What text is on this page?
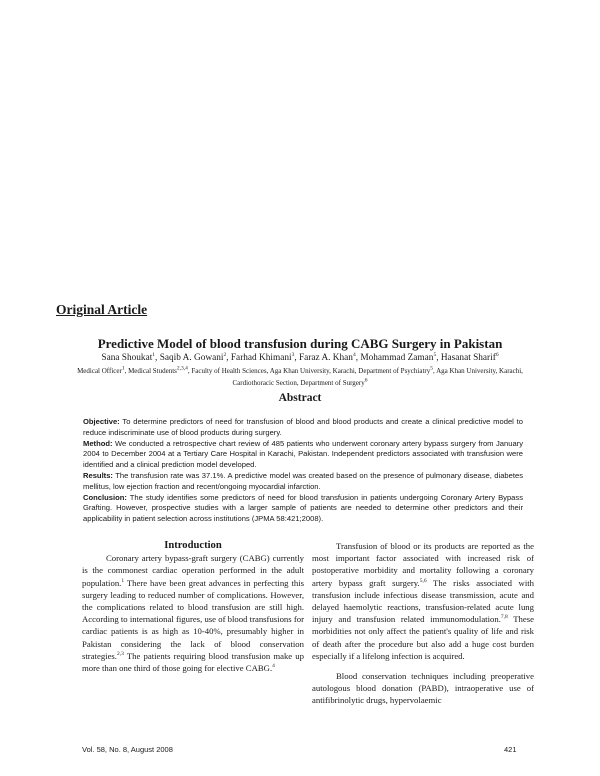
Original Article
Predictive Model of blood transfusion during CABG Surgery in Pakistan
Sana Shoukat$^1$, Saqib A. Gowani$^2$, Farhad Khimani$^3$, Faraz A. Khan$^4$, Mohammad Zaman$^5$, Hasanat Sharif$^6$
Medical Officer$^1$, Medical Students$^{2,3,4}$, Faculty of Health Sciences, Aga Khan University, Karachi, Department of Psychiatry$^5$, Aga Khan University, Karachi, Cardiothoracic Section, Department of Surgery$^6$
Abstract

Objective: To determine predictors of need for transfusion of blood and blood products and create a clinical predictive model to reduce indiscriminate use of blood products during surgery.

Method: We conducted a retrospective chart review of 485 patients who underwent coronary artery bypass surgery from January 2004 to December 2004 at a Tertiary Care Hospital in Karachi, Pakistan. Independent predictors associated with transfusion were identified and a clinical prediction model developed.

Results: The transfusion rate was 37.1%. A predictive model was created based on the presence of pulmonary disease, diabetes mellitus, low ejection fraction and recent/ongoing myocardial infarction.

Conclusion: The study identifies some predictors of need for blood transfusion in patients undergoing Coronary Artery Bypass Grafting. However, prospective studies with a larger sample of patients are needed to determine other predictors and their applicability in patient selection across institutions (JPMA 58:421;2008).

Introduction

Coronary artery bypass-graft surgery (CABG) currently is the commonest cardiac operation performed in the adult population.$^1$ There have been great advances in perfecting this surgery leading to reduced number of complications. However, the complications related to blood transfusion are still high. According to international figures, use of blood transfusions for cardiac patients is as high as 10-40%, presumably higher in Pakistan considering the lack of blood conservation strategies.$^{2,3}$ The patients requiring blood transfusion make up more than one third of those going for elective CABG.$^4$

Transfusion of blood or its products are reported as the most important factor associated with increased risk of postoperative morbidity and mortality following a coronary artery bypass graft surgery.$^{5,6}$ The risks associated with transfusion include infectious disease transmission, acute and delayed haemolytic reactions, transfusion-related acute lung injury and transfusion related immunomodulation.$^{7,8}$ These morbidities not only affect the patient's quality of life and risk of death after the procedure but also add a huge cost burden especially if a lifelong infection is acquired.

Blood conservation techniques including preoperative autologous blood donation (PABD), intraoperative use of antifibrinolytic drugs, hypervolaemic

Vol. 58, No. 8, August 2008	421
